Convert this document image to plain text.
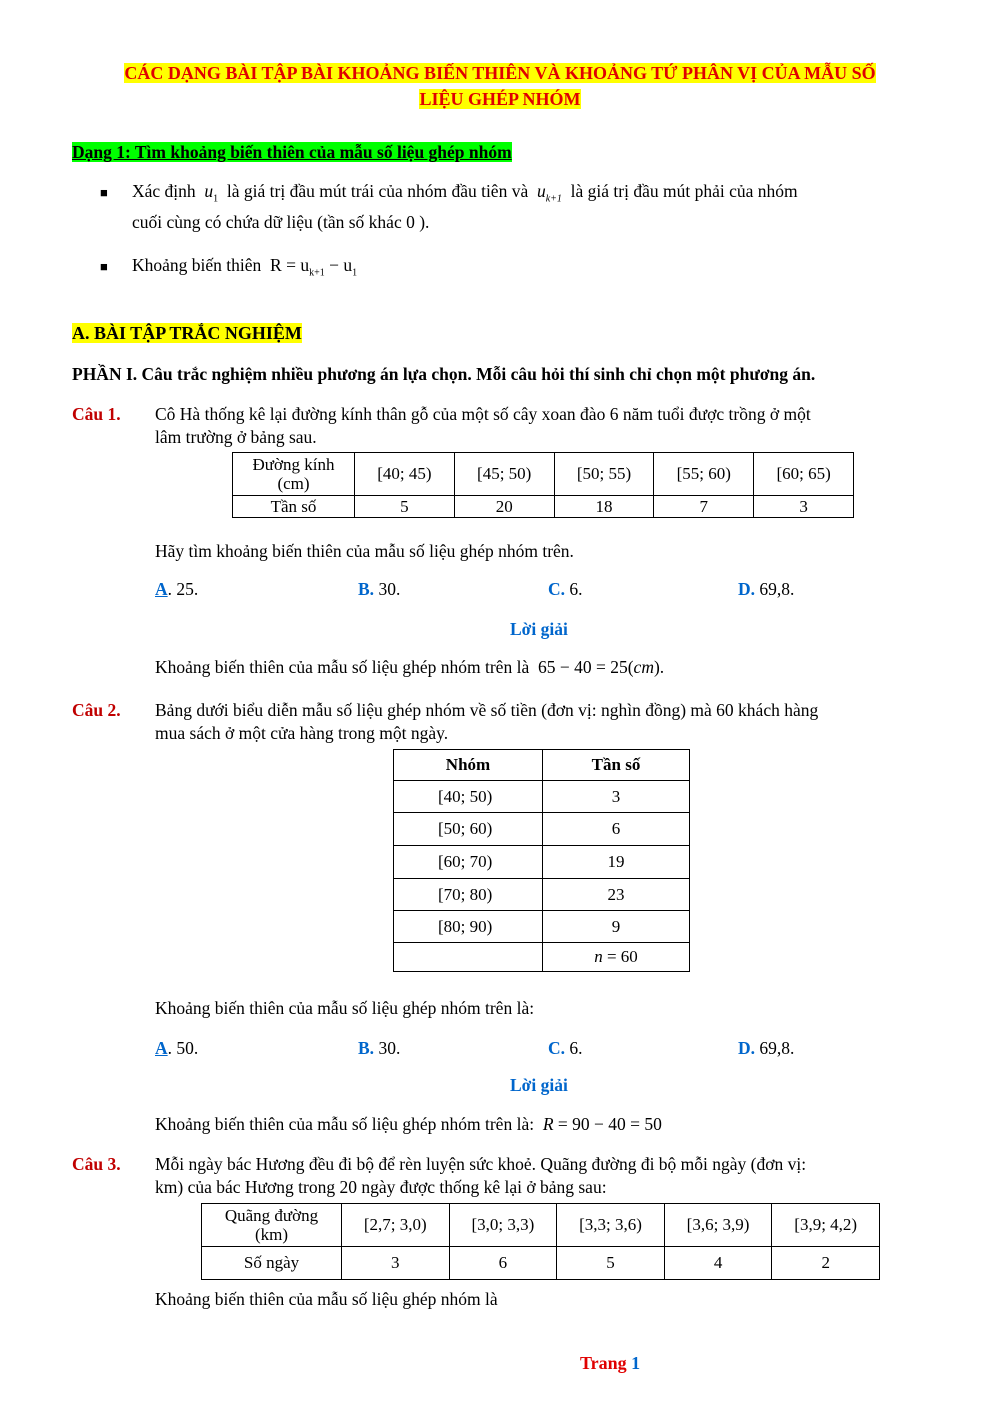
CÁC DẠNG BÀI TẬP BÀI KHOẢNG BIẾN THIÊN VÀ KHOẢNG TỨ PHÂN VỊ CỦA MẪU SỐ
LIỆU GHÉP NHÓM
Dạng 1: Tìm khoảng biến thiên của mẫu số liệu ghép nhóm
■ Xác định $u_1$ là giá trị đầu mút trái của nhóm đầu tiên và $u_{k+1}$ là giá trị đầu mút phải của nhóm
cuối cùng có chứa dữ liệu (tần số khác 0 ).
■ Khoảng biến thiên $R = u_{k+1} - u_1$
A. BÀI TẬP TRẮC NGHIỆM
PHẦN I. Câu trắc nghiệm nhiều phương án lựa chọn. Mỗi câu hỏi thí sinh chỉ chọn một phương án.
Câu 1. Cô Hà thống kê lại đường kính thân gỗ của một số cây xoan đào 6 năm tuổi được trồng ở một
lâm trường ở bảng sau.
Đường kính
(cm)	[40; 45)	[45; 50)	[50; 55)	[55; 60)	[60; 65)
Tần số	5	20	18	7	3
Hãy tìm khoảng biến thiên của mẫu số liệu ghép nhóm trên.
A. 25.	B. 30.	C. 6.	D. 69,8.
Lời giải
Khoảng biến thiên của mẫu số liệu ghép nhóm trên là 65 − 40 = 25(cm).
Câu 2. Bảng dưới biểu diễn mẫu số liệu ghép nhóm về số tiền (đơn vị: nghìn đồng) mà 60 khách hàng
mua sách ở một cửa hàng trong một ngày.
Nhóm	Tần số
[40; 50)	3
[50; 60)	6
[60; 70)	19
[70; 80)	23
[80; 90)	9
	n = 60
Khoảng biến thiên của mẫu số liệu ghép nhóm trên là:
A. 50.	B. 30.	C. 6.	D. 69,8.
Lời giải
Khoảng biến thiên của mẫu số liệu ghép nhóm trên là: R = 90 − 40 = 50
Câu 3. Mỗi ngày bác Hương đều đi bộ để rèn luyện sức khoẻ. Quãng đường đi bộ mỗi ngày (đơn vị:
km) của bác Hương trong 20 ngày được thống kê lại ở bảng sau:
Quãng đường
(km)	[2,7; 3,0)	[3,0; 3,3)	[3,3; 3,6)	[3,6; 3,9)	[3,9; 4,2)
Số ngày	3	6	5	4	2
Khoảng biến thiên của mẫu số liệu ghép nhóm là
Trang 1
